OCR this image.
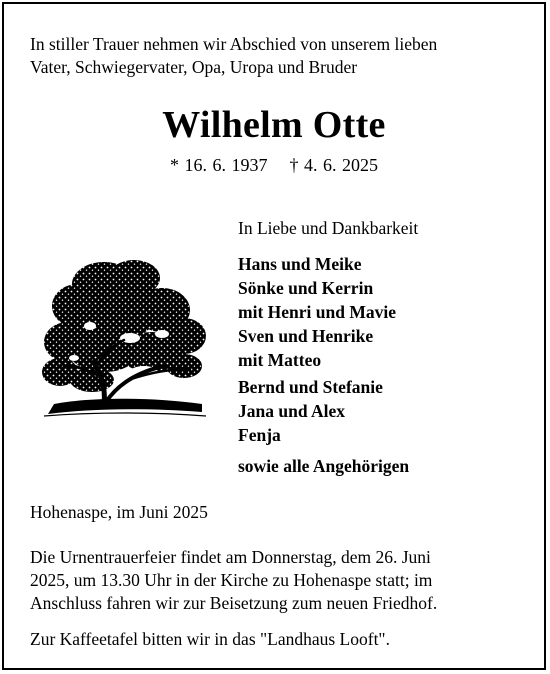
In stiller Trauer nehmen wir Abschied von unserem lieben
Vater, Schwiegervater, Opa, Uropa und Bruder
Wilhelm Otte
* 16. 6. 1937 † 4. 6. 2025
In Liebe und Dankbarkeit
Hans und Meike
Sönke und Kerrin
mit Henri und Mavie
Sven und Henrike
mit Matteo
Bernd und Stefanie
Jana und Alex
Fenja
sowie alle Angehörigen
Hohenaspe, im Juni 2025
Die Urnentrauerfeier findet am Donnerstag, dem 26. Juni
2025, um 13.30 Uhr in der Kirche zu Hohenaspe statt; im
Anschluss fahren wir zur Beisetzung zum neuen Friedhof.
Zur Kaffeetafel bitten wir in das "Landhaus Looft".
